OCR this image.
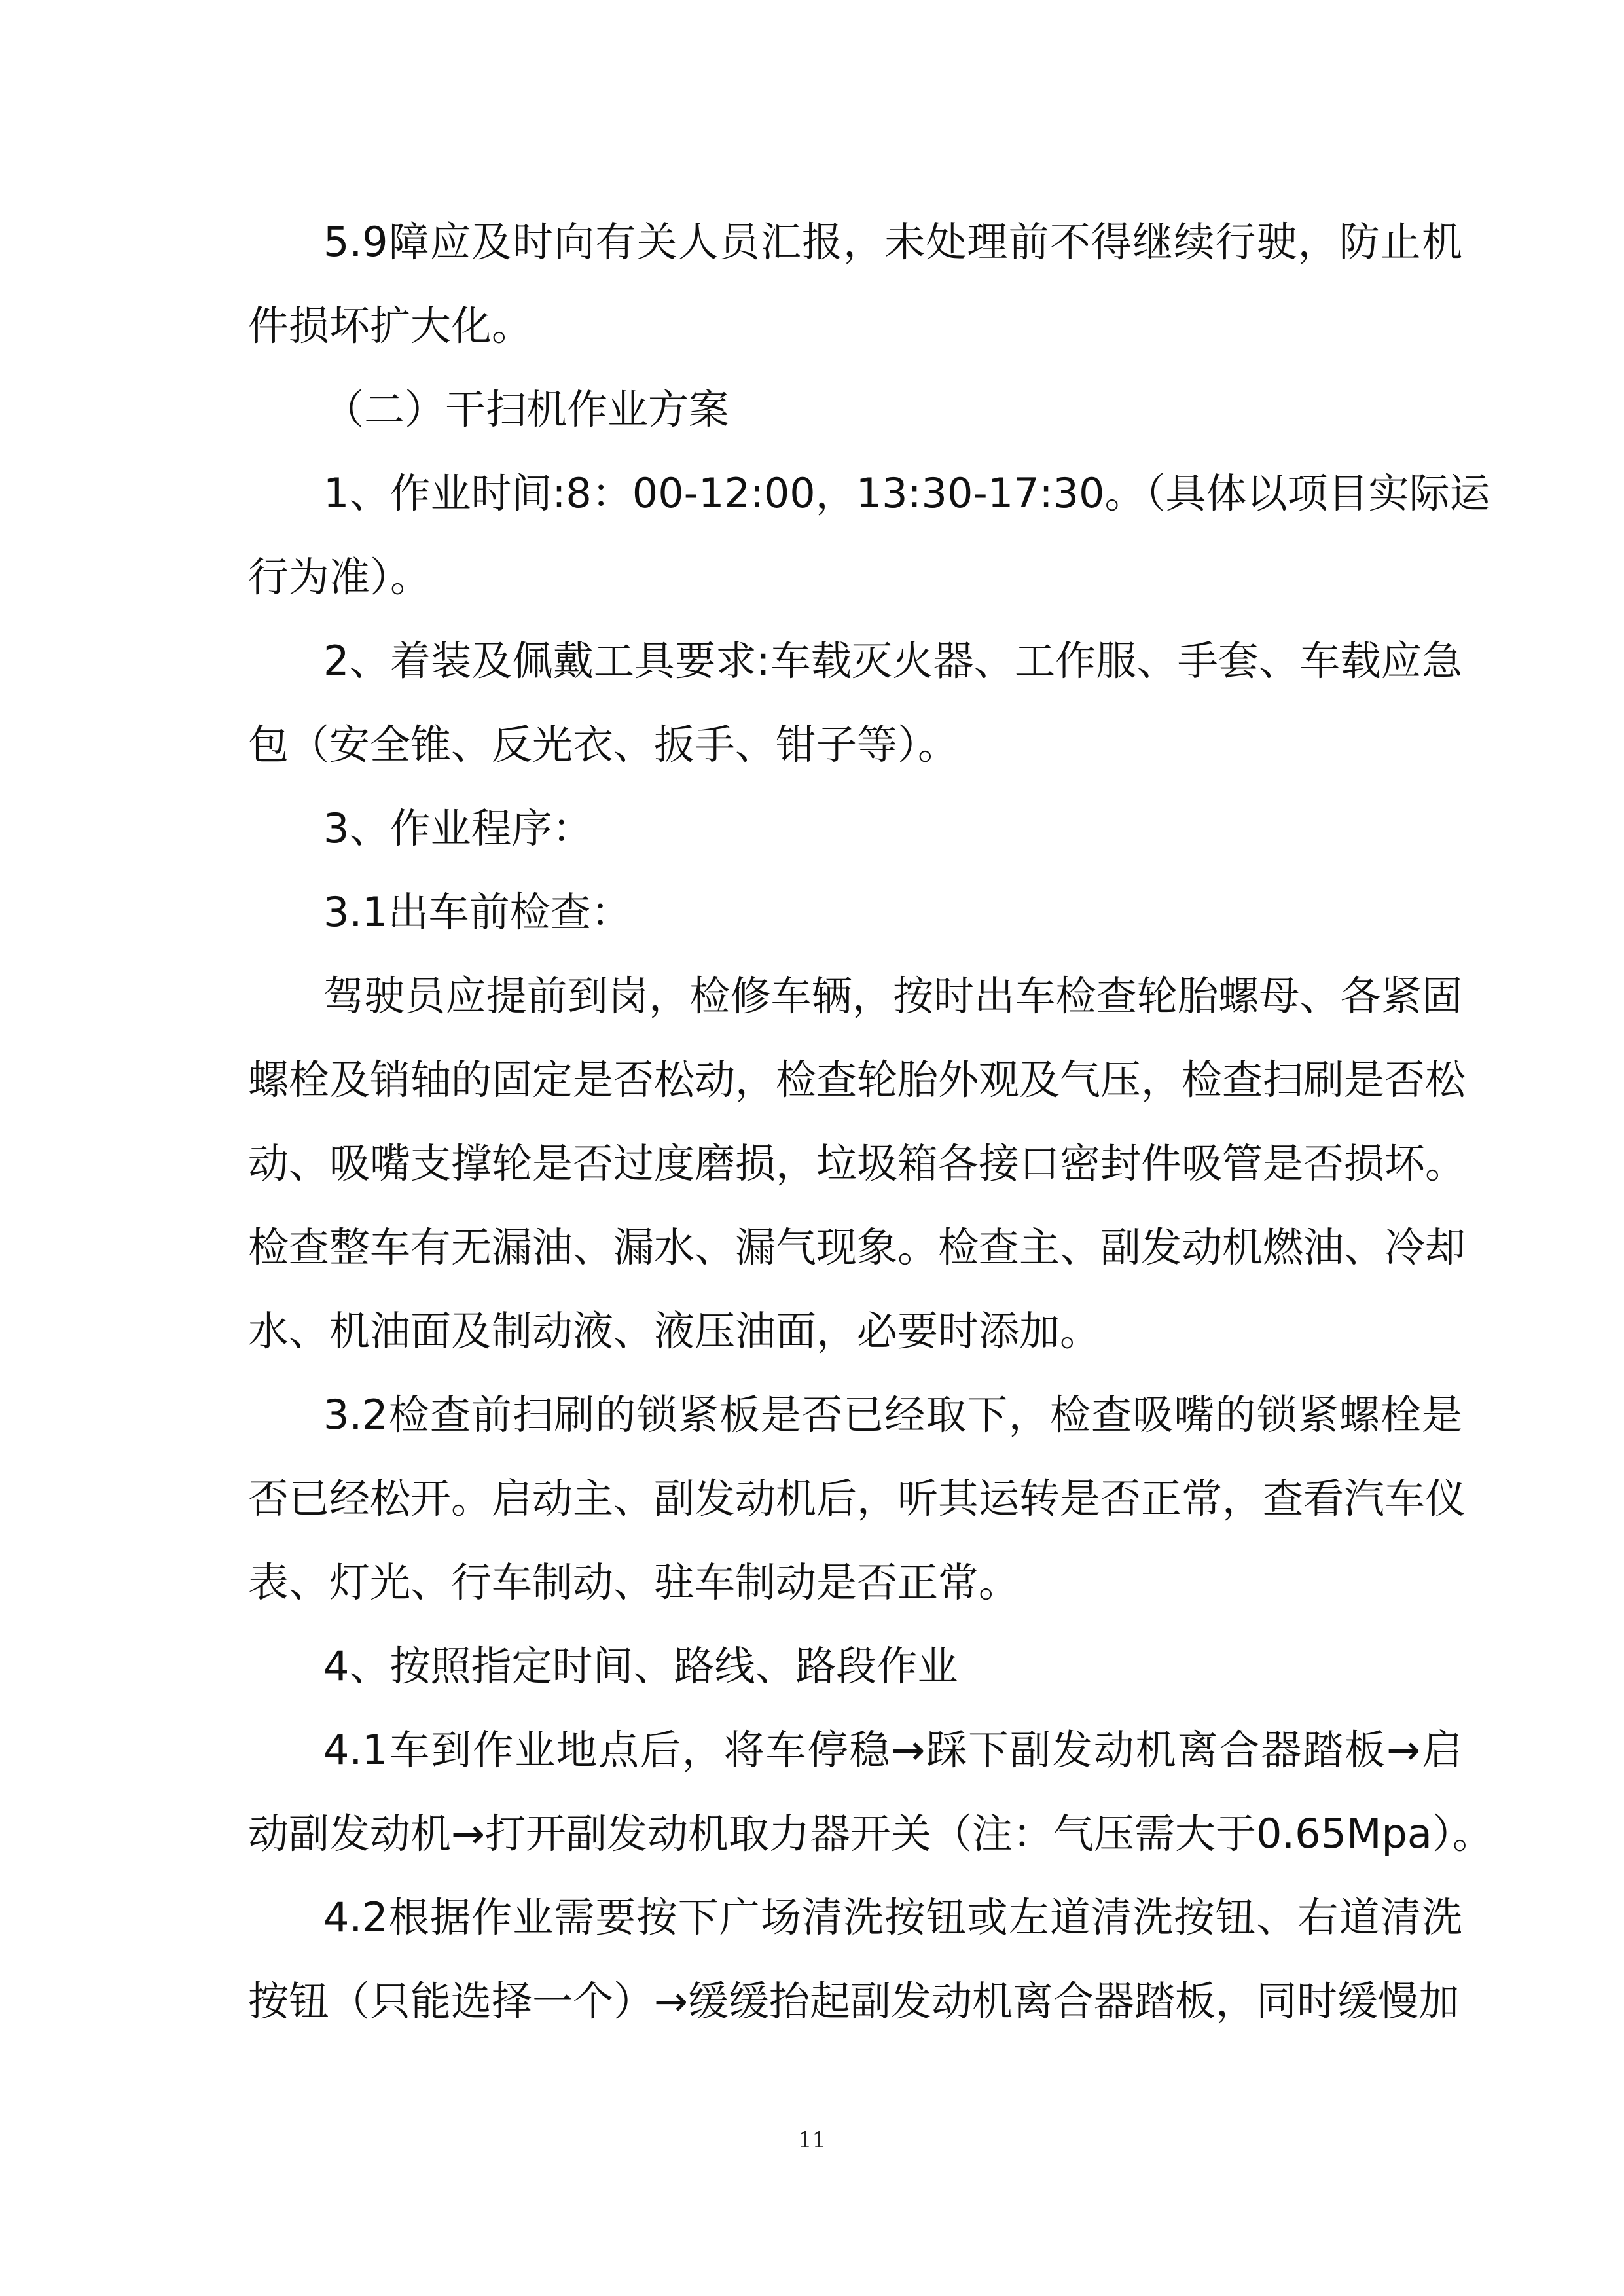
5.9障应及时向有关人员汇报，未处理前不得继续行驶，防止机
件损坏扩大化。
（二）干扫机作业方案
1、作业时间:8：00-12:00，13:30-17:30。（具体以项目实际运
行为准）。
2、着装及佩戴工具要求:车载灭火器、工作服、手套、车载应急
包（安全锥、反光衣、扳手、钳子等）。
3、作业程序：
3.1出车前检查：
驾驶员应提前到岗，检修车辆，按时出车检查轮胎螺母、各紧固
螺栓及销轴的固定是否松动，检查轮胎外观及气压，检查扫刷是否松
动、吸嘴支撑轮是否过度磨损，垃圾箱各接口密封件吸管是否损坏。
检查整车有无漏油、漏水、漏气现象。检查主、副发动机燃油、冷却
水、机油面及制动液、液压油面，必要时添加。
3.2检查前扫刷的锁紧板是否已经取下，检查吸嘴的锁紧螺栓是
否已经松开。启动主、副发动机后，听其运转是否正常，查看汽车仪
表、灯光、行车制动、驻车制动是否正常。
4、按照指定时间、路线、路段作业
4.1车到作业地点后，将车停稳→踩下副发动机离合器踏板→启
动副发动机→打开副发动机取力器开关（注：气压需大于0.65Mpa）。
4.2根据作业需要按下广场清洗按钮或左道清洗按钮、右道清洗
按钮（只能选择一个）→缓缓抬起副发动机离合器踏板，同时缓慢加
11
